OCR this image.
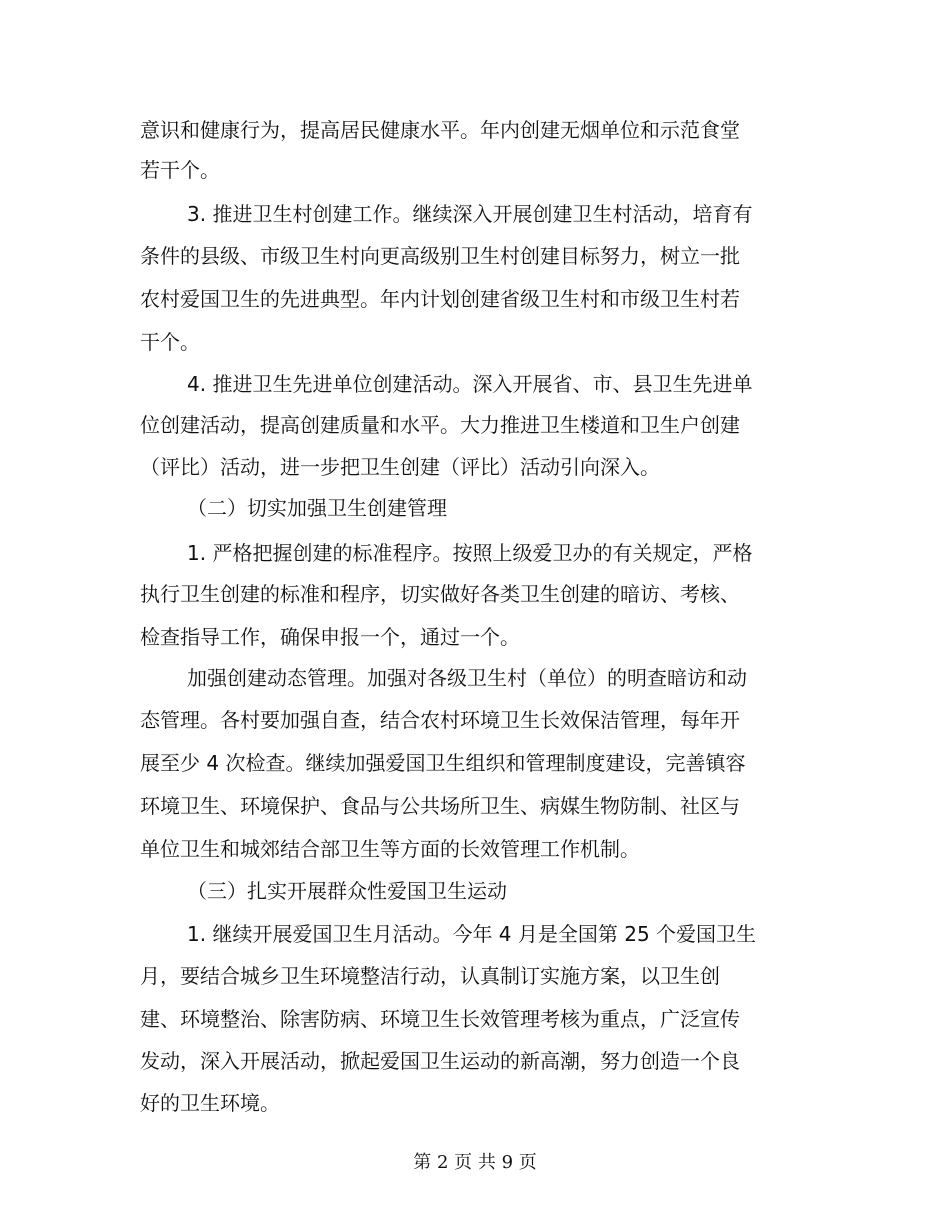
意识和健康行为，提高居民健康水平。年内创建无烟单位和示范食堂
若干个。
3. 推进卫生村创建工作。继续深入开展创建卫生村活动，培育有
条件的县级、市级卫生村向更高级别卫生村创建目标努力，树立一批
农村爱国卫生的先进典型。年内计划创建省级卫生村和市级卫生村若
干个。
4. 推进卫生先进单位创建活动。深入开展省、市、县卫生先进单
位创建活动，提高创建质量和水平。大力推进卫生楼道和卫生户创建
（评比）活动，进一步把卫生创建（评比）活动引向深入。
（二）切实加强卫生创建管理
1. 严格把握创建的标准程序。按照上级爱卫办的有关规定，严格
执行卫生创建的标准和程序，切实做好各类卫生创建的暗访、考核、
检查指导工作，确保申报一个，通过一个。
加强创建动态管理。加强对各级卫生村（单位）的明查暗访和动
态管理。各村要加强自查，结合农村环境卫生长效保洁管理，每年开
展至少 4 次检查。继续加强爱国卫生组织和管理制度建设，完善镇容
环境卫生、环境保护、食品与公共场所卫生、病媒生物防制、社区与
单位卫生和城郊结合部卫生等方面的长效管理工作机制。
（三）扎实开展群众性爱国卫生运动
1. 继续开展爱国卫生月活动。今年 4 月是全国第 25 个爱国卫生
月，要结合城乡卫生环境整洁行动，认真制订实施方案，以卫生创
建、环境整治、除害防病、环境卫生长效管理考核为重点，广泛宣传
发动，深入开展活动，掀起爱国卫生运动的新高潮，努力创造一个良
好的卫生环境。
第 2 页 共 9 页
